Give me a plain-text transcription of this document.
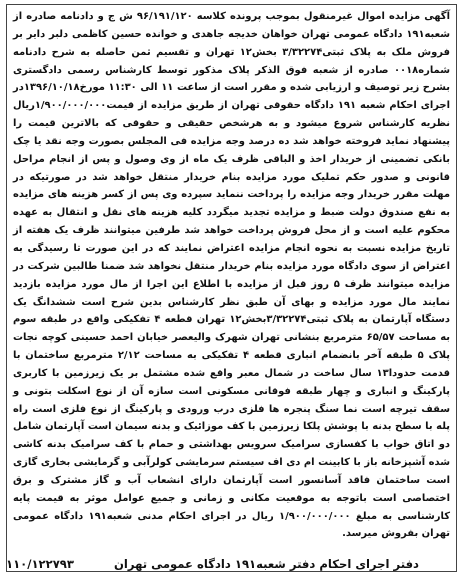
آگهی مزایده اموال غیرمنقول بموجب پرونده کلاسه ۹۶/۱۹۱/۱۲۰ ش ج و دادنامه صادره از شعبه۱۹۱ دادگاه عمومی تهران خواهان خدیجه جاهدی و خوانده حسین کاظمی دلبر دایر بر فروش ملک به پلاک ثبتی۳/۳۲۲۷۴ بخش۱۲ تهران و تقسیم ثمن حاصله به شرح دادنامه شماره۰۰۱۸ صادره از شعبه فوق الذکر پلاک مذکور توسط کارشناس رسمی دادگستری بشرح زیر توصیف و ارزیابی شده و مقرر است از ساعت ۱۱ الی ۱۱:۳۰ مورخ۱۳۹۶/۱۰/۱۸در اجرای احکام شعبه ۱۹۱ دادگاه حقوقی تهران از طریق مزایده از قیمت۱/۹۰۰/۰۰۰/۰۰۰ریال نظریه کارشناس شروع میشود و به هرشخص حقیقی و حقوقی که بالاترین قیمت را پیشنهاد نماید فروخته خواهد شد ده درصد وجه مزایده فی المجلس بصورت وجه نقد یا چک بانکی تضمینی از خریدار اخذ و الباقی ظرف یک ماه از وی وصول و پس از انجام مراحل قانونی و صدور حکم تملیک مورد مزایده بنام خریدار منتقل خواهد شد در صورتیکه در مهلت مقرر خریدار وجه مزایده را پرداخت ننماید سپرده وی پس از کسر هزینه های مزایده به نفع صندوق دولت ضبط و مزایده تجدید میگردد کلیه هزینه های نقل و انتقال به عهده محکوم علیه است و از محل فروش پرداخت خواهد شد طرفین میتوانند ظرف یک هفته از تاریخ مزایده نسبت به نحوه انجام مزایده اعتراض نمایند که در این صورت تا رسیدگی به اعتراض از سوی دادگاه مورد مزایده بنام خریدار منتقل نخواهد شد ضمنا طالبین شرکت در مزایده میتوانند ظرف ۵ روز قبل از مزایده با اطلاع این اجرا از مال مورد مزایده بازدید نمایند مال مورد مزایده و بهای آن طبق نظر کارشناس بدین شرح است ششدانگ یک دستگاه آپارتمان به پلاک ثبتی۳/۳۲۲۷۴بخش۱۲ تهران قطعه ۴ تفکیکی واقع در طبقه سوم به مساحت ۶۵/۵۷ مترمربع بنشانی تهران شهرک والیعصر خیابان احمد حسینی کوچه نجات پلاک ۵ طبقه آخر بانضمام انباری قطعه ۴ تفکیکی به مساحت ۲/۱۲ مترمربع ساختمان با قدمت حدودا۱۳ سال ساخت در شمال معبر واقع شده مشتمل بر یک زیرزمین با کاربری پارکینگ و انباری و چهار طبقه فوقانی مسکونی است سازه آن از نوع اسکلت بتونی و سقف تیرچه است نما سنگ پنجره ها فلزی درب ورودی و پارکینگ از نوع فلزی است راه پله با سطح بدنه با پوشش پلکا زیرزمین با کف موزائیک و بدنه سیمان است آپارتمان شامل دو اتاق خواب با کفسازی سرامیک سرویس بهداشتی و حمام با کف سرامیک بدنه کاشی شده آشپزخانه باز با کابینت ام دی اف سیستم سرمایشی کولرآبی و گرمایشی بخاری گازی است ساختمان فاقد آسانسور است آپارتمان دارای انشعاب آب و گاز مشترک و برق اختصاصی است باتوجه به موقعیت مکانی و زمانی و جمیع عوامل موثر به قیمت پایه کارشناسی به مبلغ ۱/۹۰۰/۰۰۰/۰۰۰ ریال در اجرای احکام مدنی شعبه۱۹۱ دادگاه عمومی تهران بفروش میرسد.

دفتر اجرای احکام دفتر شعبه۱۹۱ دادگاه عمومی تهران
۱۱۰/۱۲۲۷۹۳
